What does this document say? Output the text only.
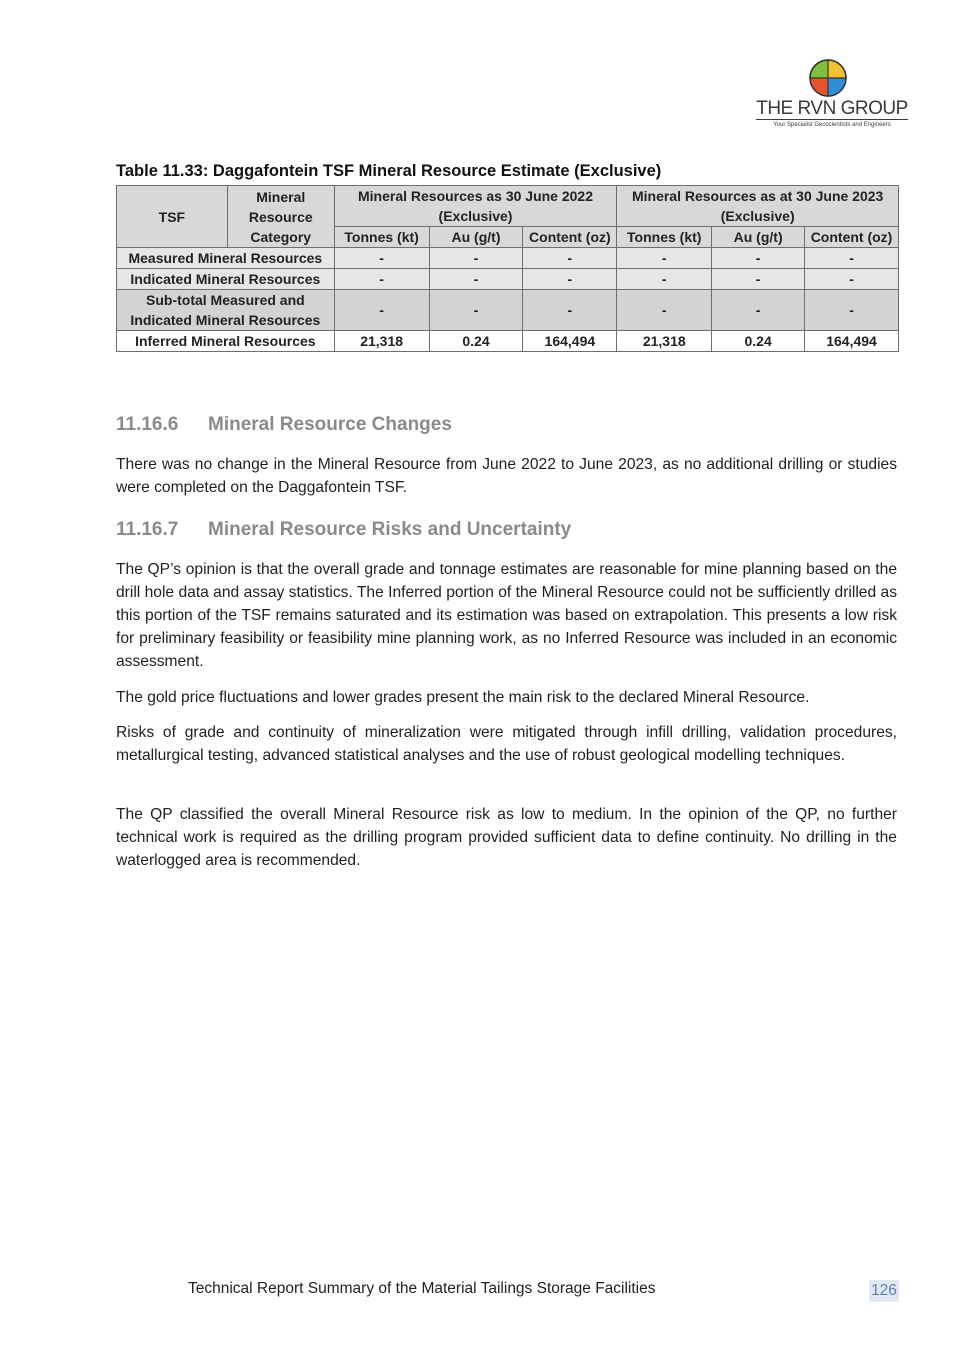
THE RVN GROUP
Your Specialist Geoscientists and Engineers
Table 11.33: Daggafontein TSF Mineral Resource Estimate (Exclusive)
TSF	Mineral Resource Category	Mineral Resources as 30 June 2022 (Exclusive)			Mineral Resources as at 30 June 2023 (Exclusive)		
		Tonnes (kt)	Au (g/t)	Content (oz)	Tonnes (kt)	Au (g/t)	Content (oz)
Measured Mineral Resources		-	-	-	-	-	-
Indicated Mineral Resources		-	-	-	-	-	-
Sub-total Measured and Indicated Mineral Resources		-	-	-	-	-	-
Inferred Mineral Resources		21,318	0.24	164,494	21,318	0.24	164,494
11.16.6 Mineral Resource Changes

There was no change in the Mineral Resource from June 2022 to June 2023, as no additional drilling or studies were completed on the Daggafontein TSF.

11.16.7 Mineral Resource Risks and Uncertainty

The QP’s opinion is that the overall grade and tonnage estimates are reasonable for mine planning based on the drill hole data and assay statistics. The Inferred portion of the Mineral Resource could not be sufficiently drilled as this portion of the TSF remains saturated and its estimation was based on extrapolation. This presents a low risk for preliminary feasibility or feasibility mine planning work, as no Inferred Resource was included in an economic assessment.

The gold price fluctuations and lower grades present the main risk to the declared Mineral Resource.

Risks of grade and continuity of mineralization were mitigated through infill drilling, validation procedures, metallurgical testing, advanced statistical analyses and the use of robust geological modelling techniques.

The QP classified the overall Mineral Resource risk as low to medium. In the opinion of the QP, no further technical work is required as the drilling program provided sufficient data to define continuity. No drilling in the waterlogged area is recommended.

Technical Report Summary of the Material Tailings Storage Facilities	126
